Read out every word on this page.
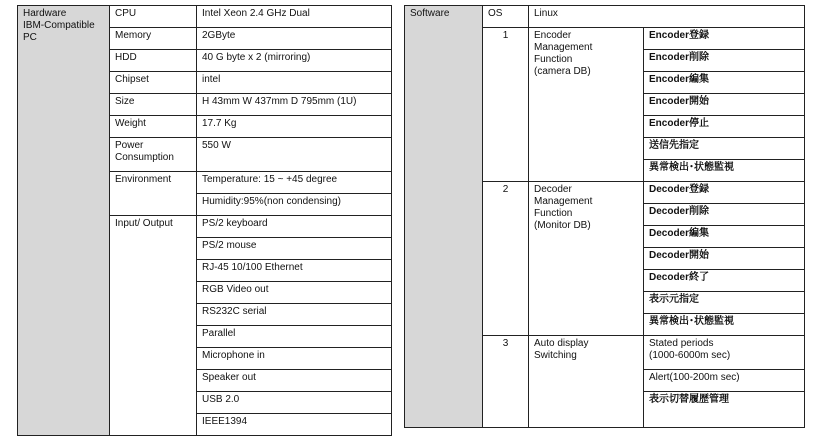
Hardware
IBM-Compatible
PC	CPU	Intel Xeon 2.4 GHz Dual
	Memory	2GByte
	HDD	40 G byte x 2 (mirroring)
	Chipset	intel
	Size	H 43mm W 437mm D 795mm (1U)
	Weight	17.7 Kg
	Power
Consumption	550 W
	Environment	Temperature: 15 ~ +45 degree
		Humidity:95%(non condensing)
	Input/ Output	PS/2 keyboard
		PS/2 mouse
		RJ-45 10/100 Ethernet
		RGB Video out
		RS232C serial
		Parallel
		Microphone in
		Speaker out
		USB 2.0
		IEEE1394
Software	OS	Linux	
	1	Encoder
Management
Function
(camera DB)	Encoder登録
			Encoder削除
			Encoder編集
			Encoder開始
			Encoder停止
			送信先指定
			異常検出･状態監視
	2	Decoder
Management
Function
(Monitor DB)	Decoder登録
			Decoder削除
			Decoder編集
			Decoder開始
			Decoder終了
			表示元指定
			異常検出･状態監視
	3	Auto display
Switching	Stated periods
(1000-6000m sec)
			Alert(100-200m sec)
			表示切替履歴管理
